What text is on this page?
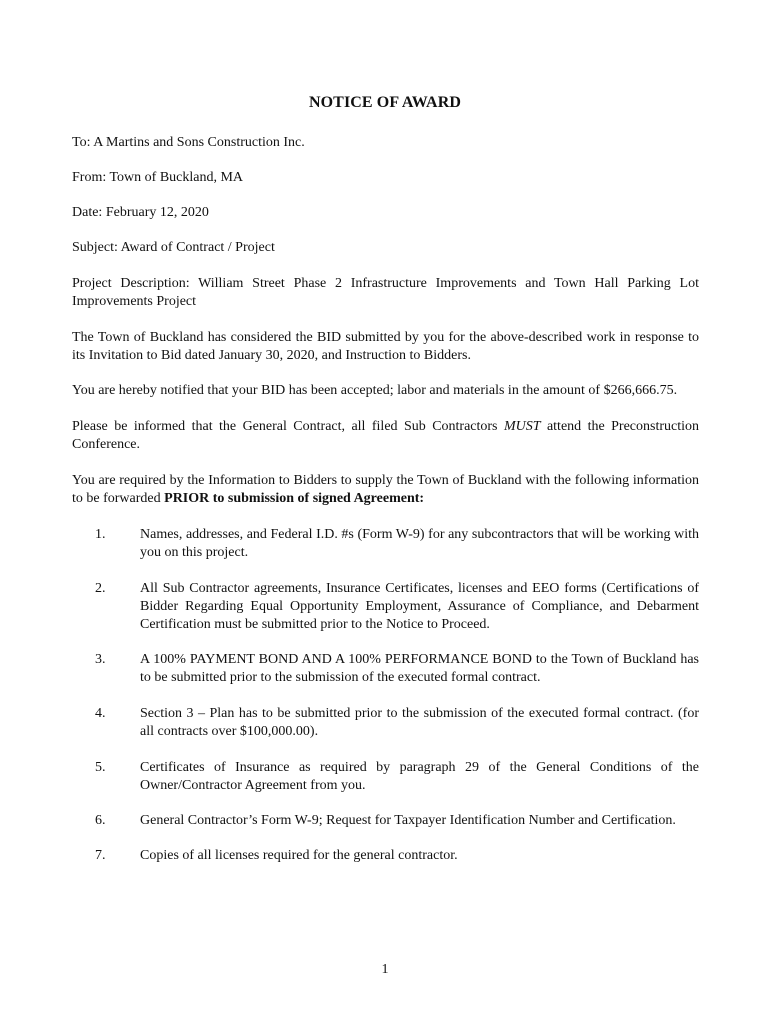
NOTICE OF AWARD
To: A Martins and Sons Construction Inc.
From: Town of Buckland, MA
Date: February 12, 2020
Subject: Award of Contract / Project
Project Description: William Street Phase 2 Infrastructure Improvements and Town Hall Parking Lot Improvements Project
The Town of Buckland has considered the BID submitted by you for the above-described work in response to its Invitation to Bid dated January 30, 2020, and Instruction to Bidders.
You are hereby notified that your BID has been accepted; labor and materials in the amount of $266,666.75.
Please be informed that the General Contract, all filed Sub Contractors MUST attend the Preconstruction Conference.
You are required by the Information to Bidders to supply the Town of Buckland with the following information to be forwarded PRIOR to submission of signed Agreement:
1. Names, addresses, and Federal I.D. #s (Form W-9) for any subcontractors that will be working with you on this project.
2. All Sub Contractor agreements, Insurance Certificates, licenses and EEO forms (Certifications of Bidder Regarding Equal Opportunity Employment, Assurance of Compliance, and Debarment Certification must be submitted prior to the Notice to Proceed.
3. A 100% PAYMENT BOND AND A 100% PERFORMANCE BOND to the Town of Buckland has to be submitted prior to the submission of the executed formal contract.
4. Section 3 – Plan has to be submitted prior to the submission of the executed formal contract. (for all contracts over $100,000.00).
5. Certificates of Insurance as required by paragraph 29 of the General Conditions of the Owner/Contractor Agreement from you.
6. General Contractor’s Form W-9; Request for Taxpayer Identification Number and Certification.
7. Copies of all licenses required for the general contractor.
1
